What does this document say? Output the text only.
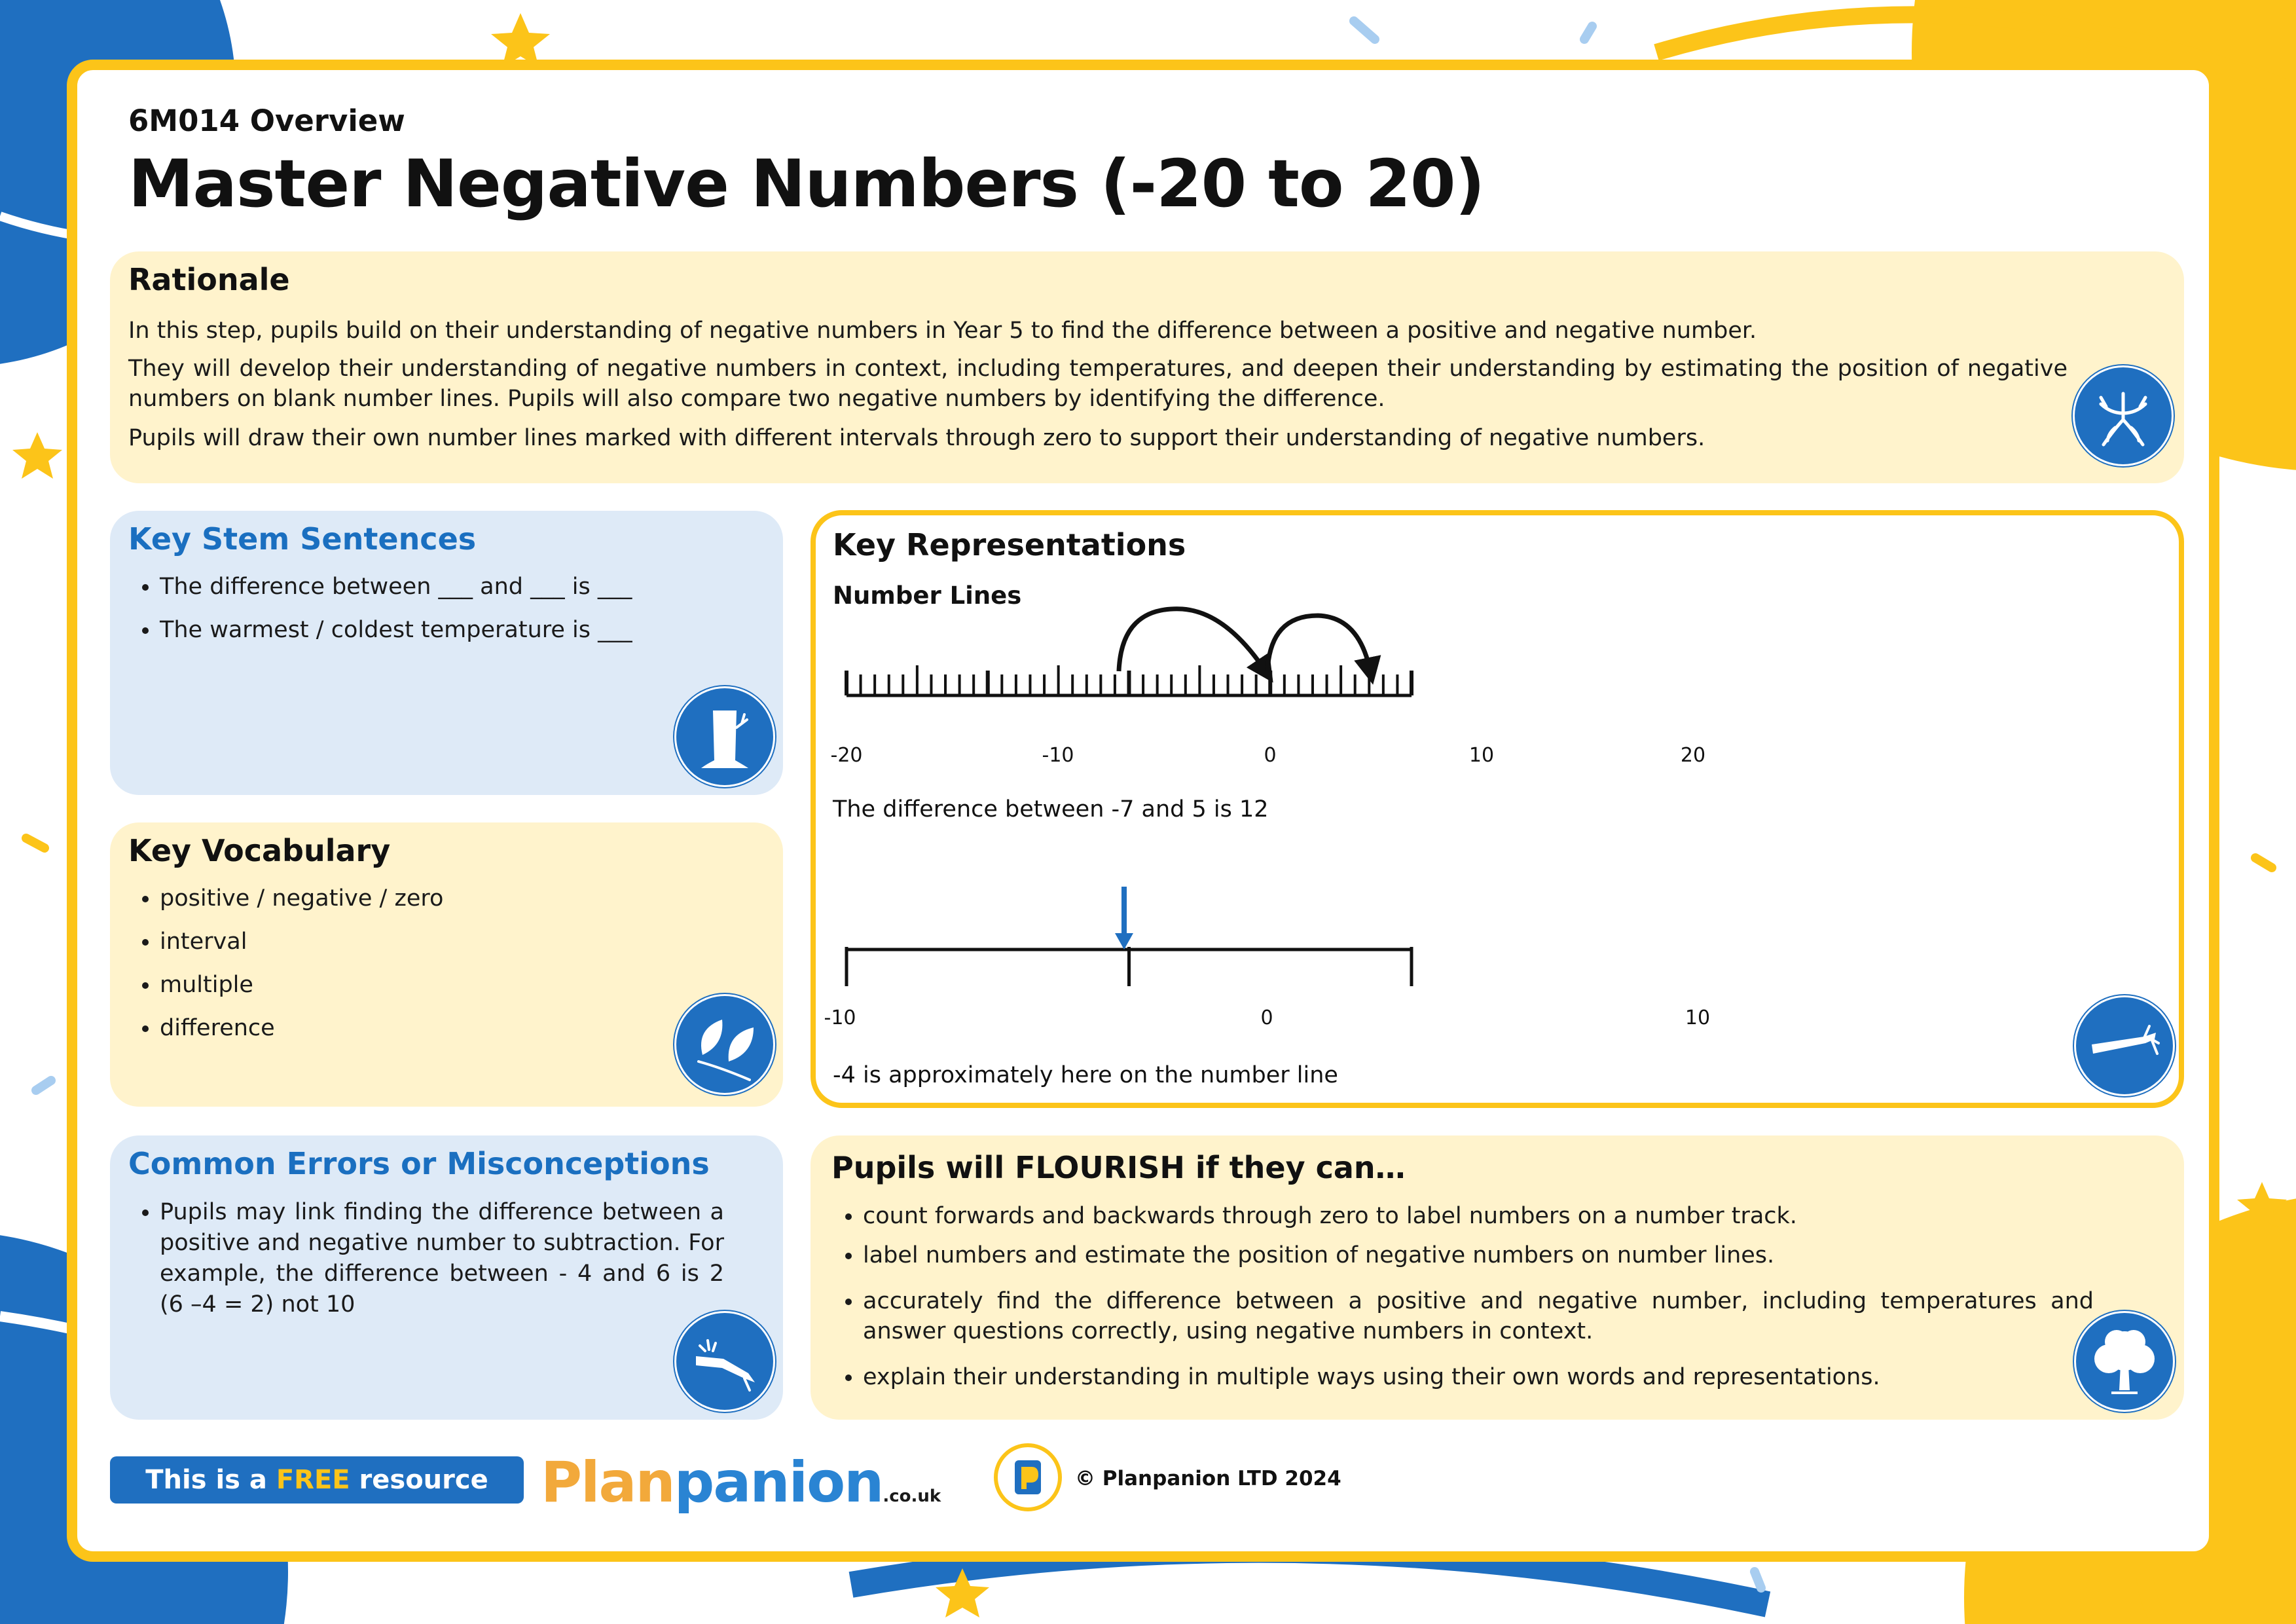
6M014 Overview
Master Negative Numbers (-20 to 20)
Rationale
In this step, pupils build on their understanding of negative numbers in Year 5 to find the difference between a positive and negative number.
They will develop their understanding of negative numbers in context, including temperatures, and deepen their understanding by estimating the position of negative numbers on blank number lines. Pupils will also compare two negative numbers by identifying the difference.
Pupils will draw their own number lines marked with different intervals through zero to support their understanding of negative numbers.
Key Stem Sentences
• The difference between ___ and ___ is ___
• The warmest / coldest temperature is ___
Key Vocabulary
• positive / negative / zero
• interval
• multiple
• difference
Common Errors or Misconceptions
• Pupils may link finding the difference between a positive and negative number to subtraction. For example, the difference between - 4 and 6 is 2 (6 –4 = 2) not 10
Key Representations
Number Lines
-20	-10	0	10	20
The difference between -7 and 5 is 12
-10	0	10
-4 is approximately here on the number line
Pupils will FLOURISH if they can…
• count forwards and backwards through zero to label numbers on a number track.
• label numbers and estimate the position of negative numbers on number lines.
• accurately find the difference between a positive and negative number, including temperatures and answer questions correctly, using negative numbers in context.
• explain their understanding in multiple ways using their own words and representations.
This is a FREE resource from
Planpanion.co.uk
© Planpanion LTD 2024
